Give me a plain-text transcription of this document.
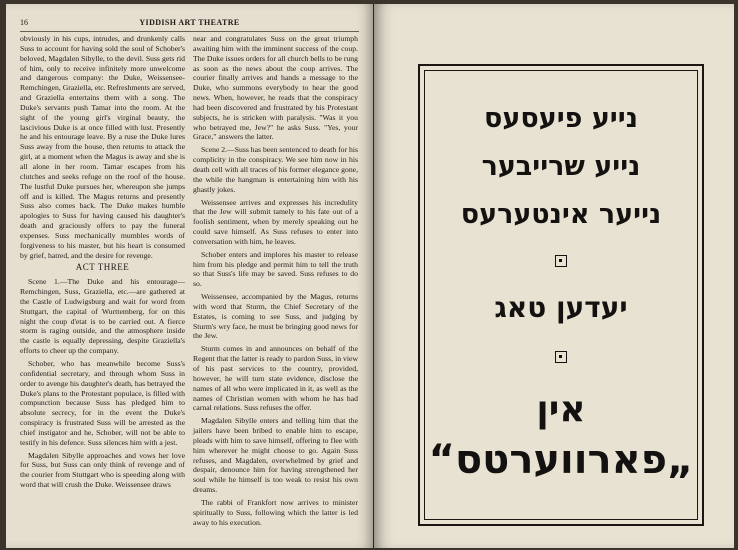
16	YIDDISH ART THEATRE

obviously in his cups, intrudes, and drunkenly calls Suss to account for having sold the soul of Schober's beloved, Magdalen Sibylle, to the devil. Suss gets rid of him, only to receive infinitely more unwelcome and dangerous company: the Duke, Weissensee-Remchingen, Graziella, etc. Refreshments are served, and Graziella entertains them with a song. The Duke's servants push Tamar into the room. At the sight of the young girl's virginal beauty, the lascivious Duke is at once filled with lust. Presently he and his entourage leave. By a ruse the Duke lures Suss away from the house, then returns to attack the girl, at a moment when the Magus is away and she is all alone in her room. Tamar escapes from his clutches and seeks refuge on the roof of the house. The lustful Duke pursues her, whereupon she jumps off and is killed. The Magus returns and presently Suss also comes back. The Duke makes humble apologies to Suss for having caused his daughter's death and graciously offers to pay the funeral expenses. Suss mechanically mumbles words of forgiveness to his master, but his heart is consumed by grief, hatred, and the desire for revenge.

ACT THREE

Scene 1.—The Duke and his entourage—Remchingen, Suss, Graziella, etc.—are gathered at the Castle of Ludwigsburg and wait for word from Stuttgart, the capital of Wurttemberg, for on this night the coup d'etat is to be carried out. A fierce storm is raging outside, and the atmosphere inside the castle is equally depressing, despite Graziella's efforts to cheer up the company.

Schober, who has meanwhile become Suss's confidential secretary, and through whom Suss in order to avenge his daughter's death, has betrayed the Duke's plans to the Protestant populace, is filled with compunction because Suss has pledged him to absolute secrecy, for in the event the Duke's conspiracy is frustrated Suss will be arrested as the chief instigator and he, Schober, will not be able to testify in his defence. Suss silences him with a jest.

Magdalen Sibylle approaches and vows her love for Suss, but Suss can only think of revenge and of the courier from Stuttgart who is speeding along with word that will crush the Duke. Weissensee draws

near and congratulates Suss on the great triumph awaiting him with the imminent success of the coup. The Duke issues orders for all church bells to be rung as soon as the news about the coup arrives. The courier finally arrives and hands a message to the Duke, who summons everybody to hear the good news. When, however, he reads that the conspiracy had been discovered and frustrated by his Protestant subjects, he is stricken with paralysis. "Was it you who betrayed me, Jew?" he asks Suss. "Yes, your Grace," answers the latter.

Scene 2.—Suss has been sentenced to death for his complicity in the conspiracy. We see him now in his death cell with all traces of his former elegance gone, the while the hangman is entertaining him with his ghastly jokes.

Weissensee arrives and expresses his incredulity that the Jew will submit tamely to his fate out of a foolish sentiment, when by merely speaking out he could save himself. As Suss refuses to enter into conversation with him, he leaves.

Schober enters and implores his master to release him from his pledge and permit him to tell the truth so that Suss's life may be saved. Suss refuses to do so.

Weissensee, accompanied by the Magus, returns with word that Sturm, the Chief Secretary of the Estates, is coming to see Suss, and judging by Sturm's wry face, he must be bringing good news for the Jew.

Sturm comes in and announces on behalf of the Regent that the latter is ready to pardon Suss, in view of his past services to the country, provided, however, he will turn state evidence, disclose the names of all who were implicated in it, as well as the names of Christian women with whom he has had carnal relations. Suss refuses the offer.

Magdalen Sibylle enters and telling him that the jailers have been bribed to enable him to escape, pleads with him to save himself, offering to flee with him wherever he might choose to go. Again Suss refuses, and Magdalen, overwhelmed by grief and despair, denounce him for having strengthened her soul while he himself is too weak to resist his own dreams.

The rabbi of Frankfort now arrives to minister spiritually to Suss, following which the latter is led away to his execution.

נייע פיעסעס
נייע שרייבער
נייער אינטערעס
יעדען טאג
אין
„פארווערטס“
